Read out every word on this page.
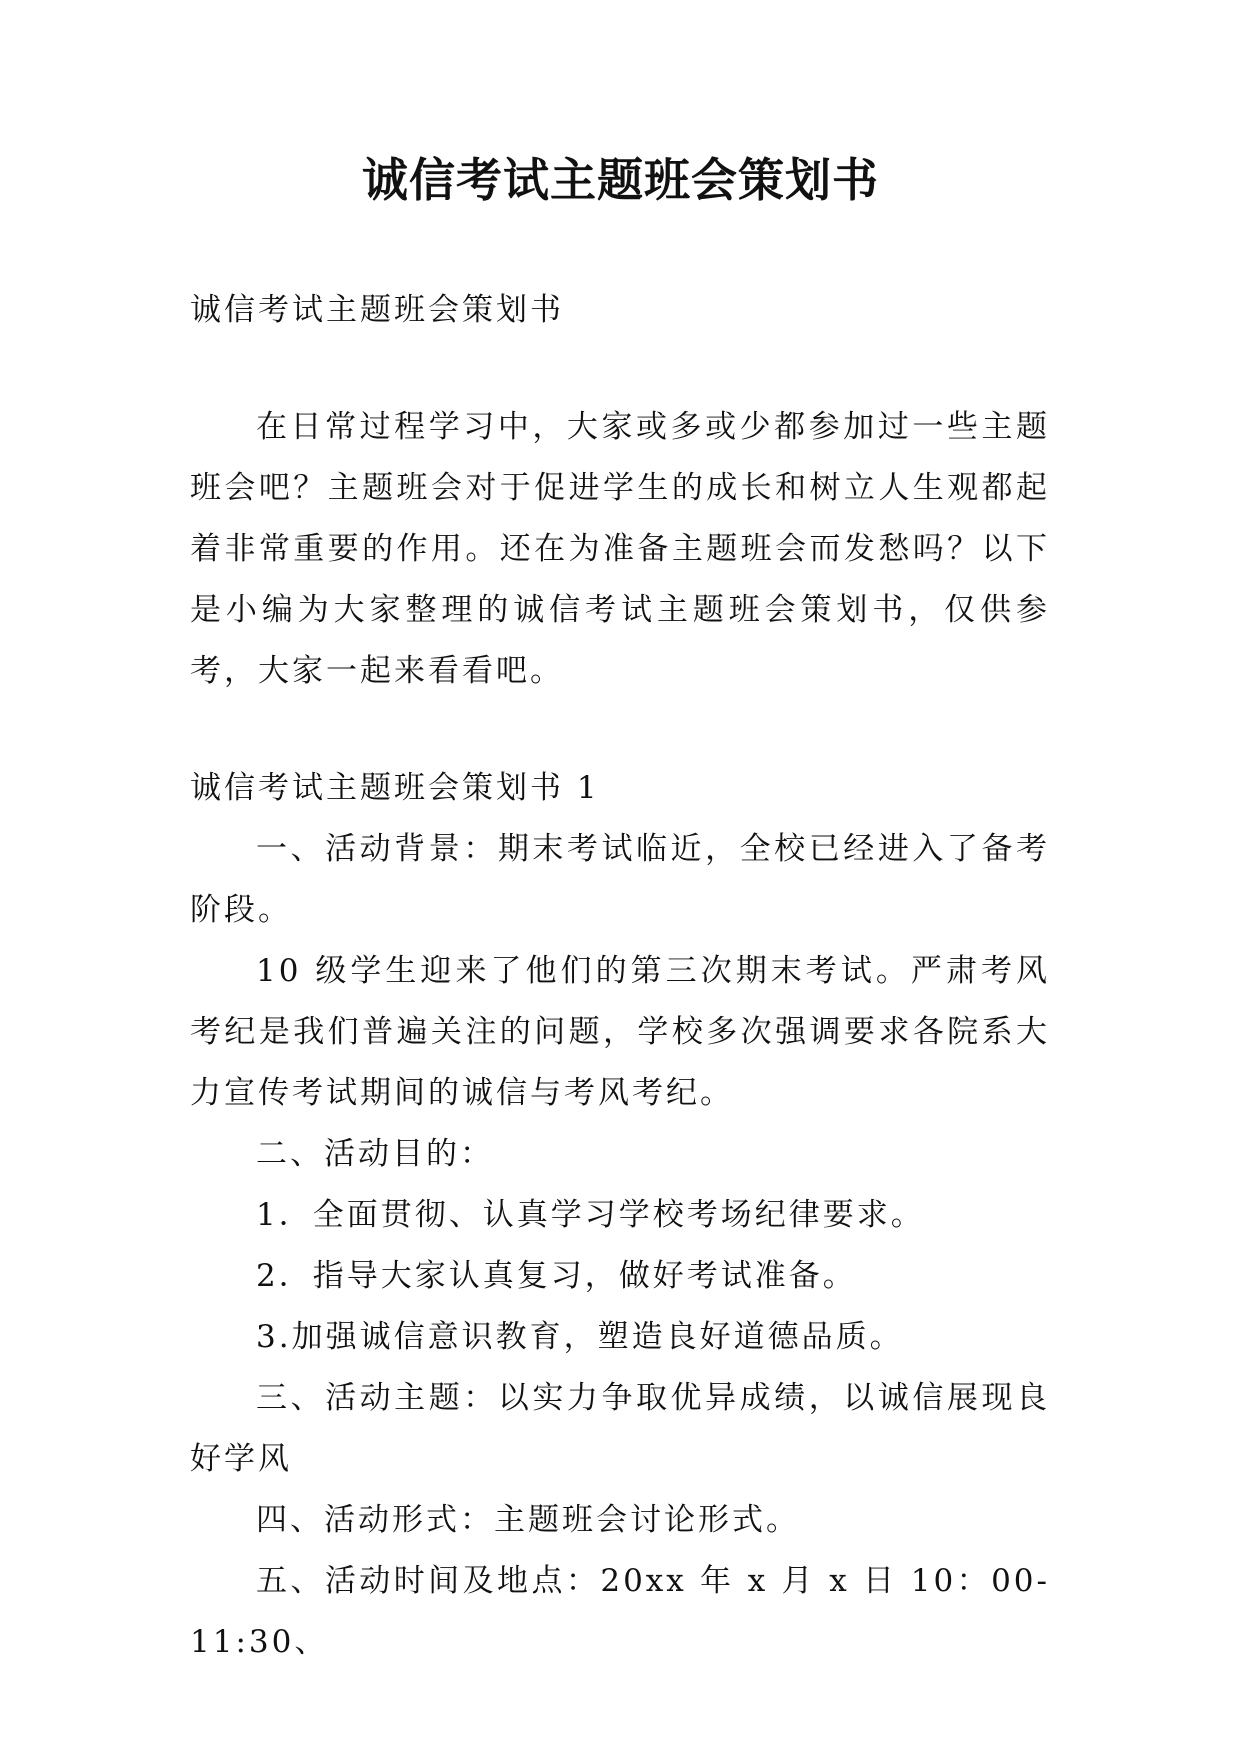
诚信考试主题班会策划书

诚信考试主题班会策划书

在日常过程学习中，大家或多或少都参加过一些主题班会吧？主题班会对于促进学生的成长和树立人生观都起着非常重要的作用。还在为准备主题班会而发愁吗？以下是小编为大家整理的诚信考试主题班会策划书，仅供参考，大家一起来看看吧。

诚信考试主题班会策划书 1

一、活动背景：期末考试临近，全校已经进入了备考阶段。

10 级学生迎来了他们的第三次期末考试。严肃考风考纪是我们普遍关注的问题，学校多次强调要求各院系大力宣传考试期间的诚信与考风考纪。

二、活动目的：

1．全面贯彻、认真学习学校考场纪律要求。

2．指导大家认真复习，做好考试准备。

3.加强诚信意识教育，塑造良好道德品质。

三、活动主题：以实力争取优异成绩，以诚信展现良好学风

四、活动形式：主题班会讨论形式。

五、活动时间及地点：20xx 年 x 月 x 日 10：00-11:30、
